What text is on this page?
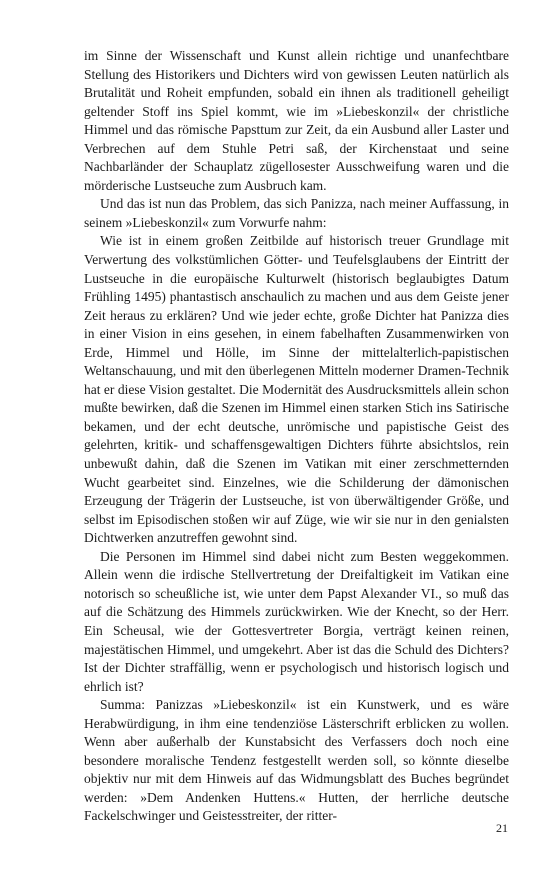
im Sinne der Wissenschaft und Kunst allein richtige und unanfechtbare Stellung des Historikers und Dichters wird von gewissen Leuten natürlich als Brutalität und Roheit empfunden, sobald ein ihnen als traditionell geheiligt geltender Stoff ins Spiel kommt, wie im »Liebeskonzil« der christliche Himmel und das römische Papsttum zur Zeit, da ein Ausbund aller Laster und Verbrechen auf dem Stuhle Petri saß, der Kirchenstaat und seine Nachbarländer der Schauplatz zügellosester Ausschweifung waren und die mörderische Lustseuche zum Ausbruch kam.

Und das ist nun das Problem, das sich Panizza, nach meiner Auffassung, in seinem »Liebeskonzil« zum Vorwurfe nahm:

Wie ist in einem großen Zeitbilde auf historisch treuer Grundlage mit Verwertung des volkstümlichen Götter- und Teufelsglaubens der Eintritt der Lustseuche in die europäische Kulturwelt (historisch beglaubigtes Datum Frühling 1495) phantastisch anschaulich zu machen und aus dem Geiste jener Zeit heraus zu erklären? Und wie jeder echte, große Dichter hat Panizza dies in einer Vision in eins gesehen, in einem fabelhaften Zusammenwirken von Erde, Himmel und Hölle, im Sinne der mittelalterlich-papistischen Weltanschauung, und mit den überlegenen Mitteln moderner Dramen-Technik hat er diese Vision gestaltet. Die Modernität des Ausdrucksmittels allein schon mußte bewirken, daß die Szenen im Himmel einen starken Stich ins Satirische bekamen, und der echt deutsche, unrömische und papistische Geist des gelehrten, kritik- und schaffensgewaltigen Dichters führte absichtslos, rein unbewußt dahin, daß die Szenen im Vatikan mit einer zerschmetternden Wucht gearbeitet sind. Einzelnes, wie die Schilderung der dämonischen Erzeugung der Trägerin der Lustseuche, ist von überwältigender Größe, und selbst im Episodischen stoßen wir auf Züge, wie wir sie nur in den genialsten Dichtwerken anzutreffen gewohnt sind.

Die Personen im Himmel sind dabei nicht zum Besten weggekommen. Allein wenn die irdische Stellvertretung der Dreifaltigkeit im Vatikan eine notorisch so scheußliche ist, wie unter dem Papst Alexander VI., so muß das auf die Schätzung des Himmels zurückwirken. Wie der Knecht, so der Herr. Ein Scheusal, wie der Gottesvertreter Borgia, verträgt keinen reinen, majestätischen Himmel, und umgekehrt. Aber ist das die Schuld des Dichters? Ist der Dichter straffällig, wenn er psychologisch und historisch logisch und ehrlich ist?

Summa: Panizzas »Liebeskonzil« ist ein Kunstwerk, und es wäre Herabwürdigung, in ihm eine tendenziöse Lästerschrift erblicken zu wollen. Wenn aber außerhalb der Kunstabsicht des Verfassers doch noch eine besondere moralische Tendenz festgestellt werden soll, so könnte dieselbe objektiv nur mit dem Hinweis auf das Widmungsblatt des Buches begründet werden: »Dem Andenken Huttens.« Hutten, der herrliche deutsche Fackelschwinger und Geistesstreiter, der ritter-

21
